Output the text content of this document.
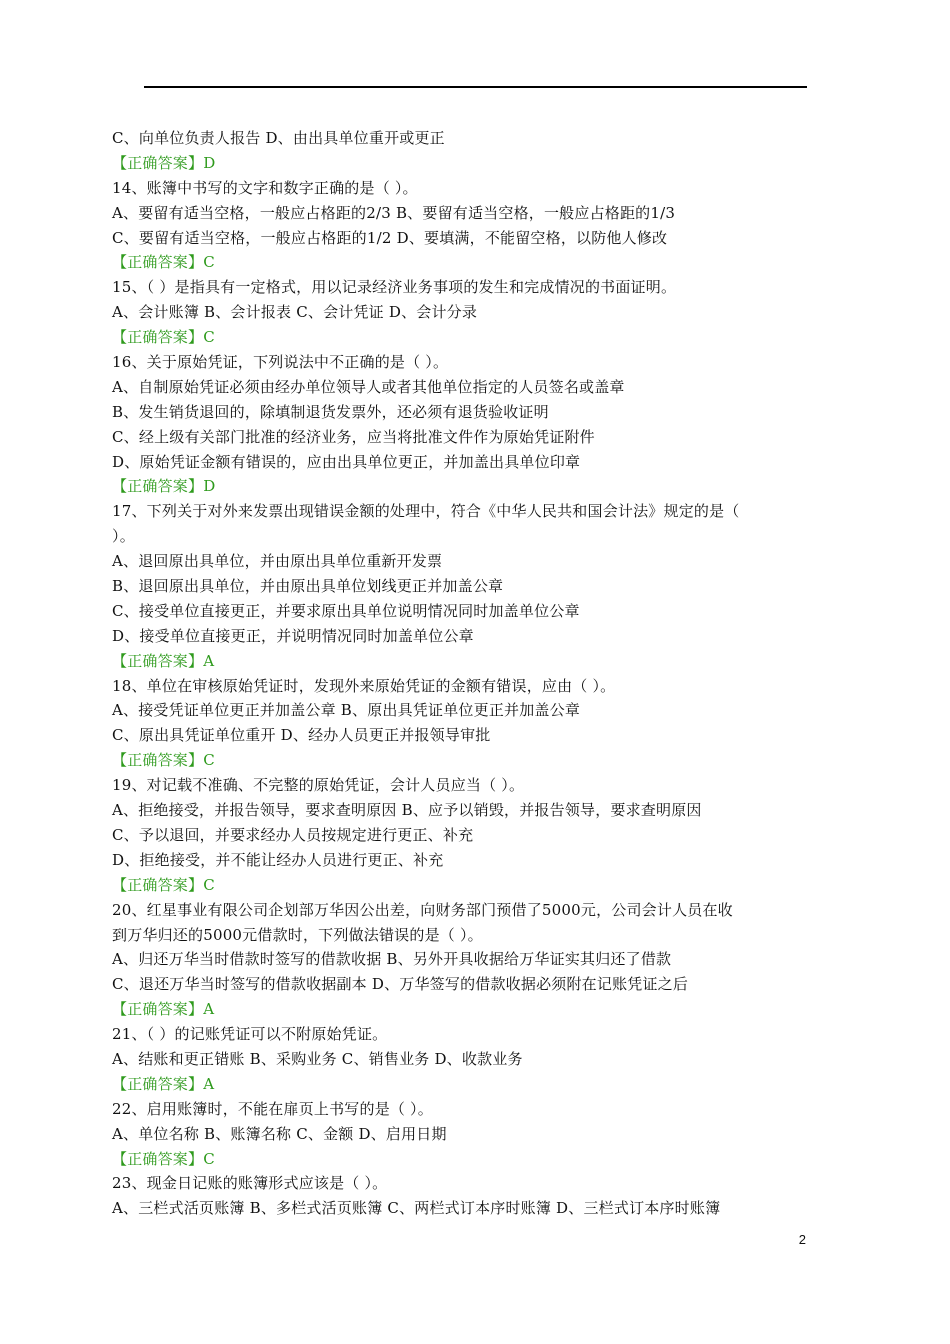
C、向单位负责人报告 D、由出具单位重开或更正
【正确答案】D
14、账簿中书写的文字和数字正确的是（ ）。
A、要留有适当空格，一般应占格距的2/3 B、要留有适当空格，一般应占格距的1/3
C、要留有适当空格，一般应占格距的1/2 D、要填满，不能留空格，以防他人修改
【正确答案】C
15、（ ）是指具有一定格式，用以记录经济业务事项的发生和完成情况的书面证明。
A、会计账簿 B、会计报表 C、会计凭证 D、会计分录
【正确答案】C
16、关于原始凭证，下列说法中不正确的是（ ）。
A、自制原始凭证必须由经办单位领导人或者其他单位指定的人员签名或盖章
B、发生销货退回的，除填制退货发票外，还必须有退货验收证明
C、经上级有关部门批准的经济业务，应当将批准文件作为原始凭证附件
D、原始凭证金额有错误的，应由出具单位更正，并加盖出具单位印章
【正确答案】D
17、下列关于对外来发票出现错误金额的处理中，符合《中华人民共和国会计法》规定的是（
）。
A、退回原出具单位，并由原出具单位重新开发票
B、退回原出具单位，并由原出具单位划线更正并加盖公章
C、接受单位直接更正，并要求原出具单位说明情况同时加盖单位公章
D、接受单位直接更正，并说明情况同时加盖单位公章
【正确答案】A
18、单位在审核原始凭证时，发现外来原始凭证的金额有错误，应由（ ）。
A、接受凭证单位更正并加盖公章 B、原出具凭证单位更正并加盖公章
C、原出具凭证单位重开 D、经办人员更正并报领导审批
【正确答案】C
19、对记载不准确、不完整的原始凭证，会计人员应当（ ）。
A、拒绝接受，并报告领导，要求查明原因 B、应予以销毁，并报告领导，要求查明原因
C、予以退回，并要求经办人员按规定进行更正、补充
D、拒绝接受，并不能让经办人员进行更正、补充
【正确答案】C
20、红星事业有限公司企划部万华因公出差，向财务部门预借了5000元，公司会计人员在收
到万华归还的5000元借款时，下列做法错误的是（ ）。
A、归还万华当时借款时签写的借款收据 B、另外开具收据给万华证实其归还了借款
C、退还万华当时签写的借款收据副本 D、万华签写的借款收据必须附在记账凭证之后
【正确答案】A
21、（ ）的记账凭证可以不附原始凭证。
A、结账和更正错账 B、采购业务 C、销售业务 D、收款业务
【正确答案】A
22、启用账簿时，不能在扉页上书写的是（ ）。
A、单位名称 B、账簿名称 C、金额 D、启用日期
【正确答案】C
23、现金日记账的账簿形式应该是（ ）。
A、三栏式活页账簿 B、多栏式活页账簿 C、两栏式订本序时账簿 D、三栏式订本序时账簿
2
